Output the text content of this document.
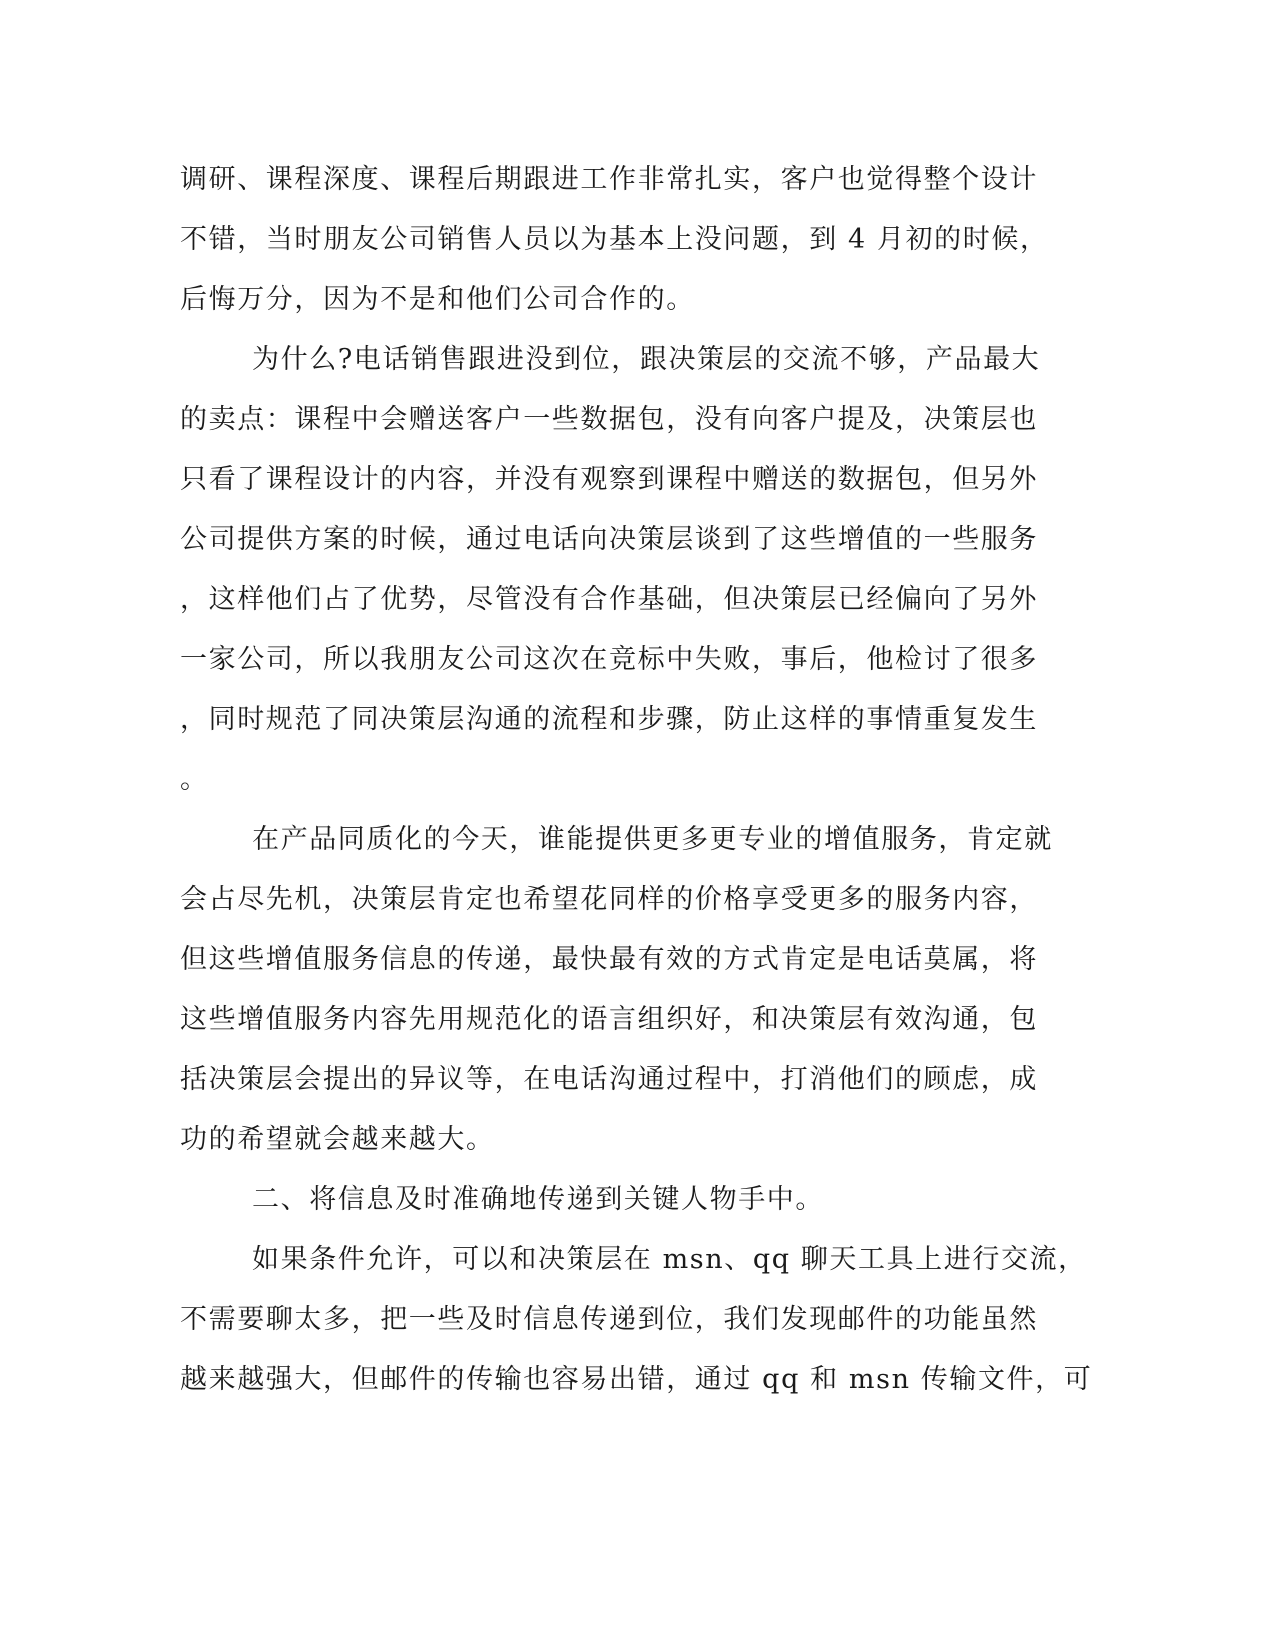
调研、课程深度、课程后期跟进工作非常扎实，客户也觉得整个设计
不错，当时朋友公司销售人员以为基本上没问题，到 4 月初的时候，
后悔万分，因为不是和他们公司合作的。
为什么?电话销售跟进没到位，跟决策层的交流不够，产品最大
的卖点：课程中会赠送客户一些数据包，没有向客户提及，决策层也
只看了课程设计的内容，并没有观察到课程中赠送的数据包，但另外
公司提供方案的时候，通过电话向决策层谈到了这些增值的一些服务
，这样他们占了优势，尽管没有合作基础，但决策层已经偏向了另外
一家公司，所以我朋友公司这次在竞标中失败，事后，他检讨了很多
，同时规范了同决策层沟通的流程和步骤，防止这样的事情重复发生
。
在产品同质化的今天，谁能提供更多更专业的增值服务，肯定就
会占尽先机，决策层肯定也希望花同样的价格享受更多的服务内容，
但这些增值服务信息的传递，最快最有效的方式肯定是电话莫属，将
这些增值服务内容先用规范化的语言组织好，和决策层有效沟通，包
括决策层会提出的异议等，在电话沟通过程中，打消他们的顾虑，成
功的希望就会越来越大。
二、将信息及时准确地传递到关键人物手中。
如果条件允许，可以和决策层在 msn、qq 聊天工具上进行交流，
不需要聊太多，把一些及时信息传递到位，我们发现邮件的功能虽然
越来越强大，但邮件的传输也容易出错，通过 qq 和 msn 传输文件，可
